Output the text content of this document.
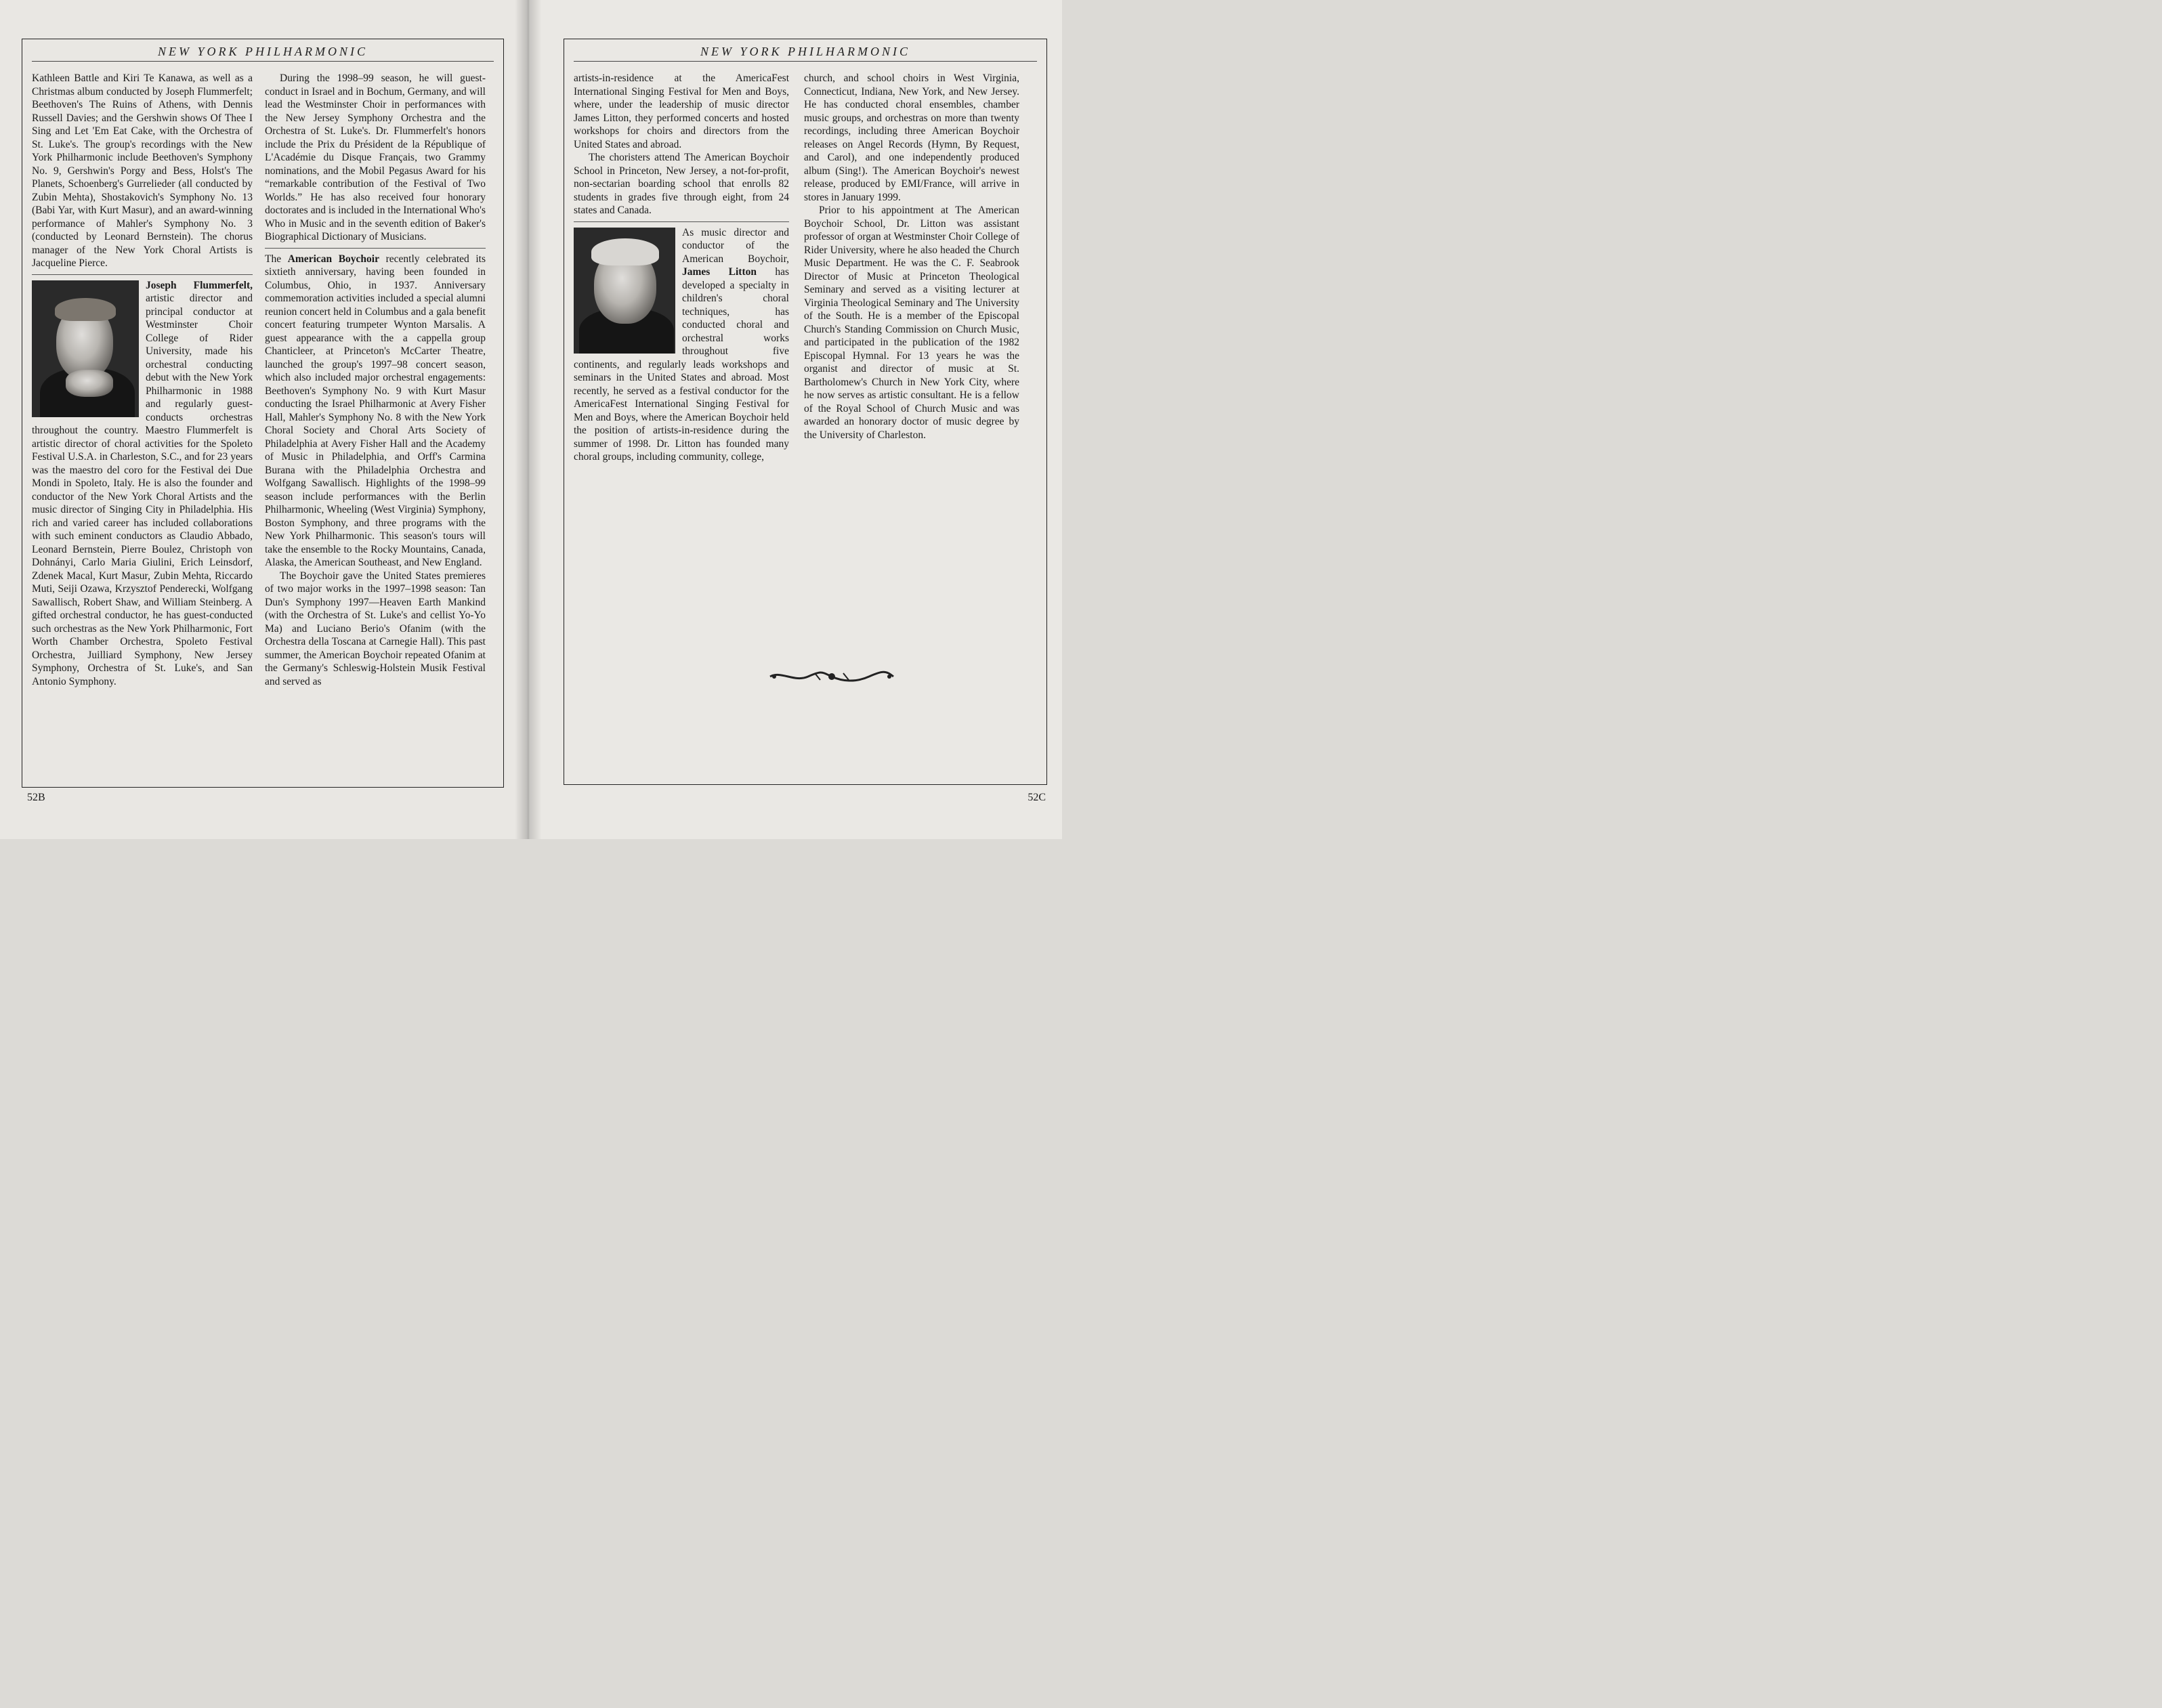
NEW YORK PHILHARMONIC

Kathleen Battle and Kiri Te Kanawa, as well as a Christmas album conducted by Joseph Flummerfelt; Beethoven's The Ruins of Athens, with Dennis Russell Davies; and the Gershwin shows Of Thee I Sing and Let 'Em Eat Cake, with the Orchestra of St. Luke's. The group's recordings with the New York Philharmonic include Beethoven's Symphony No. 9, Gershwin's Porgy and Bess, Holst's The Planets, Schoenberg's Gurrelieder (all conducted by Zubin Mehta), Shostakovich's Symphony No. 13 (Babi Yar, with Kurt Masur), and an award-winning performance of Mahler's Symphony No. 3 (conducted by Leonard Bernstein). The chorus manager of the New York Choral Artists is Jacqueline Pierce.

Joseph Flummerfelt, artistic director and principal conductor at Westminster Choir College of Rider University, made his orchestral conducting debut with the New York Philharmonic in 1988 and regularly guest-conducts orchestras throughout the country. Maestro Flummerfelt is artistic director of choral activities for the Spoleto Festival U.S.A. in Charleston, S.C., and for 23 years was the maestro del coro for the Festival dei Due Mondi in Spoleto, Italy. He is also the founder and conductor of the New York Choral Artists and the music director of Singing City in Philadelphia. His rich and varied career has included collaborations with such eminent conductors as Claudio Abbado, Leonard Bernstein, Pierre Boulez, Christoph von Dohnányi, Carlo Maria Giulini, Erich Leinsdorf, Zdenek Macal, Kurt Masur, Zubin Mehta, Riccardo Muti, Seiji Ozawa, Krzysztof Penderecki, Wolfgang Sawallisch, Robert Shaw, and William Steinberg. A gifted orchestral conductor, he has guest-conducted such orchestras as the New York Philharmonic, Fort Worth Chamber Orchestra, Spoleto Festival Orchestra, Juilliard Symphony, New Jersey Symphony, Orchestra of St. Luke's, and San Antonio Symphony.

During the 1998–99 season, he will guest-conduct in Israel and in Bochum, Germany, and will lead the Westminster Choir in performances with the New Jersey Symphony Orchestra and the Orchestra of St. Luke's. Dr. Flummerfelt's honors include the Prix du Président de la République of L'Académie du Disque Français, two Grammy nominations, and the Mobil Pegasus Award for his “remarkable contribution of the Festival of Two Worlds.” He has also received four honorary doctorates and is included in the International Who's Who in Music and in the seventh edition of Baker's Biographical Dictionary of Musicians.

The American Boychoir recently celebrated its sixtieth anniversary, having been founded in Columbus, Ohio, in 1937. Anniversary commemoration activities included a special alumni reunion concert held in Columbus and a gala benefit concert featuring trumpeter Wynton Marsalis. A guest appearance with the a cappella group Chanticleer, at Princeton's McCarter Theatre, launched the group's 1997–98 concert season, which also included major orchestral engagements: Beethoven's Symphony No. 9 with Kurt Masur conducting the Israel Philharmonic at Avery Fisher Hall, Mahler's Symphony No. 8 with the New York Choral Society and Choral Arts Society of Philadelphia at Avery Fisher Hall and the Academy of Music in Philadelphia, and Orff's Carmina Burana with the Philadelphia Orchestra and Wolfgang Sawallisch. Highlights of the 1998–99 season include performances with the Berlin Philharmonic, Wheeling (West Virginia) Symphony, Boston Symphony, and three programs with the New York Philharmonic. This season's tours will take the ensemble to the Rocky Mountains, Canada, Alaska, the American Southeast, and New England.

The Boychoir gave the United States premieres of two major works in the 1997–1998 season: Tan Dun's Symphony 1997—Heaven Earth Mankind (with the Orchestra of St. Luke's and cellist Yo-Yo Ma) and Luciano Berio's Ofanim (with the Orchestra della Toscana at Carnegie Hall). This past summer, the American Boychoir repeated Ofanim at the Germany's Schleswig-Holstein Musik Festival and served as

52B
NEW YORK PHILHARMONIC

artists-in-residence at the AmericaFest International Singing Festival for Men and Boys, where, under the leadership of music director James Litton, they performed concerts and hosted workshops for choirs and directors from the United States and abroad.

The choristers attend The American Boychoir School in Princeton, New Jersey, a not-for-profit, non-sectarian boarding school that enrolls 82 students in grades five through eight, from 24 states and Canada.

As music director and conductor of the American Boychoir, James Litton has developed a specialty in children's choral techniques, has conducted choral and orchestral works throughout five continents, and regularly leads workshops and seminars in the United States and abroad. Most recently, he served as a festival conductor for the AmericaFest International Singing Festival for Men and Boys, where the American Boychoir held the position of artists-in-residence during the summer of 1998. Dr. Litton has founded many choral groups, including community, college,

church, and school choirs in West Virginia, Connecticut, Indiana, New York, and New Jersey. He has conducted choral ensembles, chamber music groups, and orchestras on more than twenty recordings, including three American Boychoir releases on Angel Records (Hymn, By Request, and Carol), and one independently produced album (Sing!). The American Boychoir's newest release, produced by EMI/France, will arrive in stores in January 1999.

Prior to his appointment at The American Boychoir School, Dr. Litton was assistant professor of organ at Westminster Choir College of Rider University, where he also headed the Church Music Department. He was the C. F. Seabrook Director of Music at Princeton Theological Seminary and served as a visiting lecturer at Virginia Theological Seminary and The University of the South. He is a member of the Episcopal Church's Standing Commission on Church Music, and participated in the publication of the 1982 Episcopal Hymnal. For 13 years he was the organist and director of music at St. Bartholomew's Church in New York City, where he now serves as artistic consultant. He is a fellow of the Royal School of Church Music and was awarded an honorary doctor of music degree by the University of Charleston.

52C
